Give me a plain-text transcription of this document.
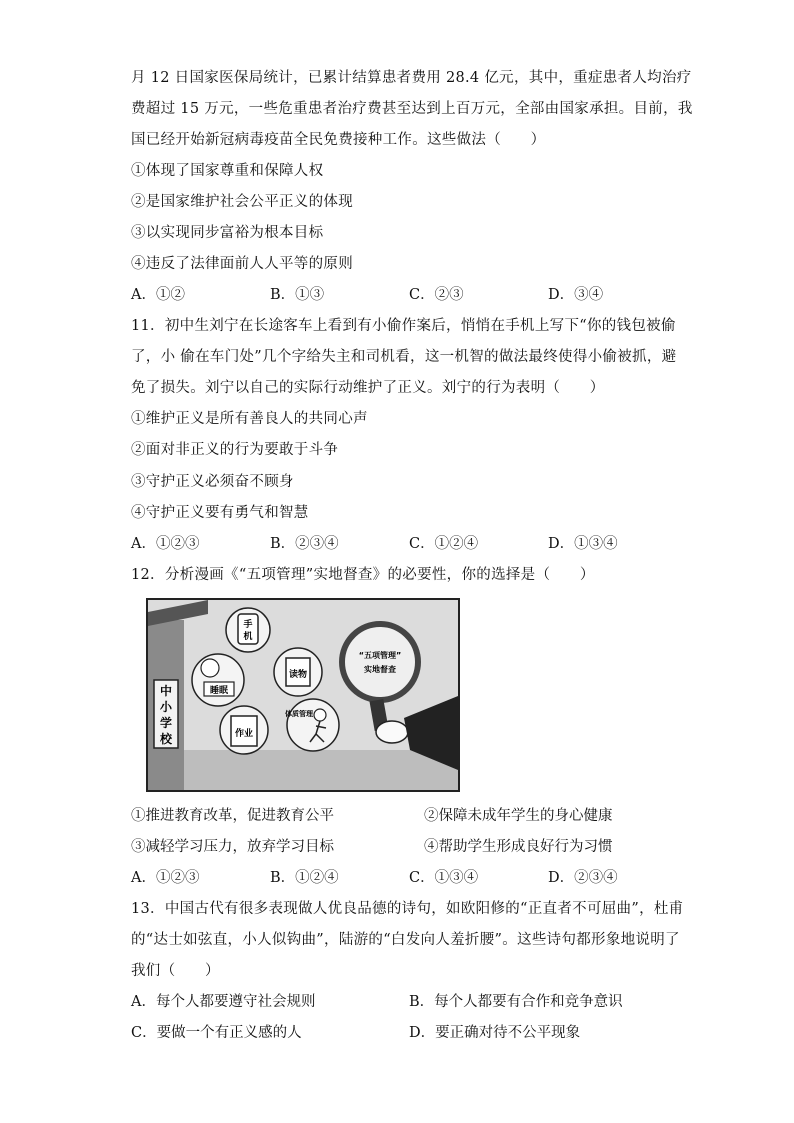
月 12 日国家医保局统计，已累计结算患者费用 28.4 亿元，其中，重症患者人均治疗
费超过 15 万元，一些危重患者治疗费甚至达到上百万元，全部由国家承担。目前，我
国已经开始新冠病毒疫苗全民免费接种工作。这些做法（　　）
①体现了国家尊重和保障人权
②是国家维护社会公平正义的体现
③以实现同步富裕为根本目标
④违反了法律面前人人平等的原则
A．①②	B．①③	C．②③	D．③④
11．初中生刘宁在长途客车上看到有小偷作案后，悄悄在手机上写下“你的钱包被偷
了，小 偷在车门处”几个字给失主和司机看，这一机智的做法最终使得小偷被抓，避
免了损失。刘宁以自己的实际行动维护了正义。刘宁的行为表明（　　）
①维护正义是所有善良人的共同心声
②面对非正义的行为要敢于斗争
③守护正义必须奋不顾身
④守护正义要有勇气和智慧
A．①②③	B．②③④	C．①②④	D．①③④
12．分析漫画《“五项管理”实地督查》的必要性，你的选择是（　　）
中
小
学
校
手
机
睡眠
读物
作业
体质管理
“五项管理”
实地督查
①推进教育改革，促进教育公平	②保障未成年学生的身心健康
③减轻学习压力，放弃学习目标	④帮助学生形成良好行为习惯
A．①②③	B．①②④	C．①③④	D．②③④
13．中国古代有很多表现做人优良品德的诗句，如欧阳修的“正直者不可屈曲”，杜甫
的“达士如弦直，小人似钩曲”，陆游的“白发向人羞折腰”。这些诗句都形象地说明了
我们（　　）
A．每个人都要遵守社会规则	B．每个人都要有合作和竞争意识
C．要做一个有正义感的人	D．要正确对待不公平现象
